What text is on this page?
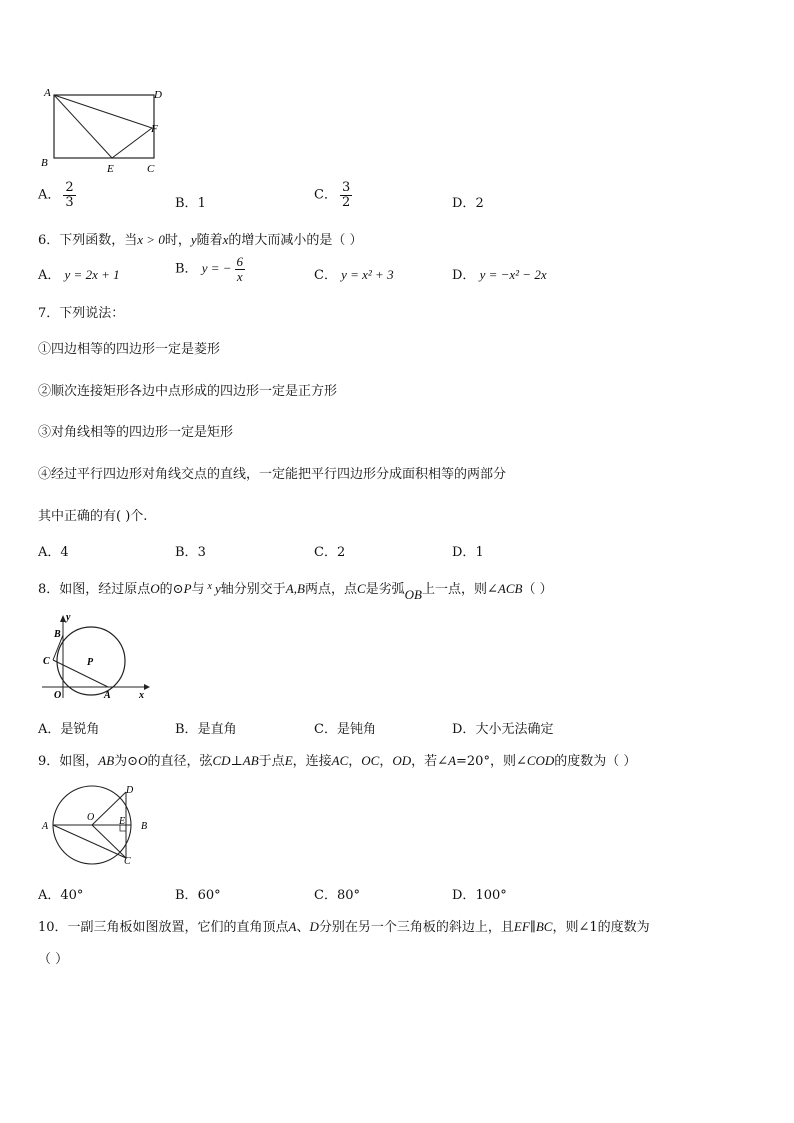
A	D
F
B	E	C
A． $\frac{2}{3}$	B．1
C． $\frac{3}{2}$	D．2
6．下列函数，当x > 0时，y随着x的增大而减小的是（ ）
A． y = 2x + 1	B． y = − $\frac{6}{x}$	C． y = x² + 3	D． y = −x² − 2x
7．下列说法：
①四边相等的四边形一定是菱形
②顺次连接矩形各边中点形成的四边形一定是正方形
③对角线相等的四边形一定是矩形
④经过平行四边形对角线交点的直线，一定能把平行四边形分成面积相等的两部分
其中正确的有( )个.
A．4	B．3	C．2	D．1
8．如图，经过原点O的⊙P与 $^x$ y轴分别交于A,B两点，点C是劣弧OB上一点，则∠ACB（ ）
y
x
B
C	P
O	A
A．是锐角	B．是直角	C．是钝角	D．大小无法确定
9．如图，AB为⊙O的直径，弦CD⊥AB于点E，连接AC，OC，OD，若∠A=20°，则∠COD的度数为（ ）
A
O
D
E B
C
A．40°	B．60°	C．80°	D．100°
10．一副三角板如图放置，它们的直角顶点A、D分别在另一个三角板的斜边上，且EF∥BC，则∠1的度数为
（ ）
